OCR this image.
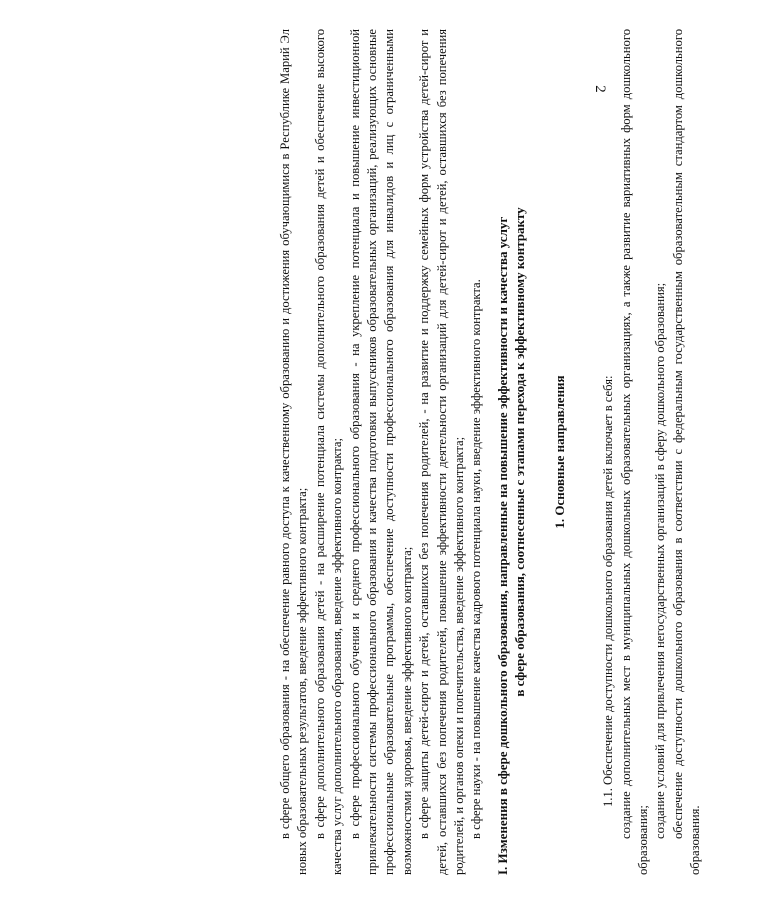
2

в сфере общего образования - на обеспечение равного доступа к качественному образованию и достижения обучающимися в Республике Марий Эл новых образовательных результатов, введение эффективного контракта; в сфере дополнительного образования детей - на расширение потенциала системы дополнительного образования детей и обеспечение высокого качества услуг дополнительного образования, введение эффективного контракта; в сфере профессионального обучения и среднего профессионального образования - на укрепление потенциала и повышение инвестиционной привлекательности системы профессионального образования и качества подготовки выпускников образовательных организаций, реализующих основные профессиональные образовательные программы, обеспечение доступности профессионального образования для инвалидов и лиц с ограниченными возможностями здоровья, введение эффективного контракта; в сфере защиты детей-сирот и детей, оставшихся без попечения родителей, - на развитие и поддержку семейных форм устройства детей-сирот и детей, оставшихся без попечения родителей, повышение эффективности деятельности организаций для детей-сирот и детей, оставшихся без попечения родителей, и органов опеки и попечительства, введение эффективного контракта; в сфере науки - на повышение качества кадрового потенциала науки, введение эффективного контракта. I. Изменения в сфере дошкольного образования, направленные на повышение эффективности и качества услуг в сфере образования, соотнесенные с этапами перехода к эффективному контракту 1. Основные направления	1.1. Обеспечение доступности дошкольного образования детей включает в себя: создание дополнительных мест в муниципальных дошкольных образовательных организациях, а также развитие вариативных форм дошкольного образования;

создание условий для привлечения негосударственных организаций в сферу дошкольного образования; обеспечение доступности дошкольного образования в соответствии с федеральным государственным образовательным стандартом дошкольного образования.
